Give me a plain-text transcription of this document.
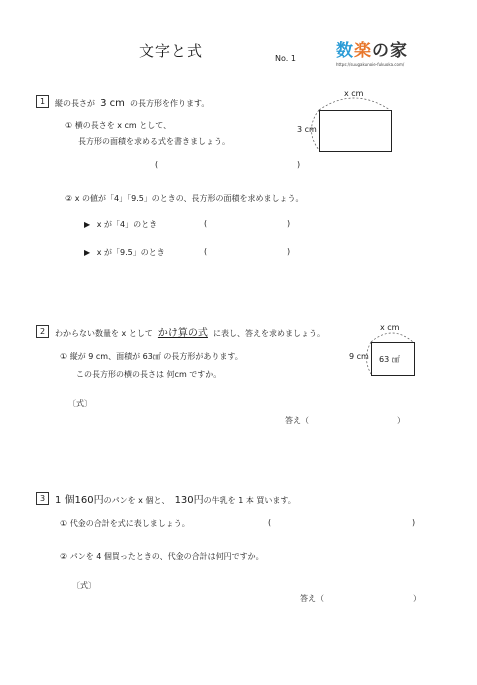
文字と式	No. 1 数楽の家
https://suugakunoie-fukuoka.com/
1 縦の長さが 3 cm の長方形を作ります。
x cm
3 cm
① 横の長さを x cm として、
長方形の面積を求める式を書きましょう。
(	)
② x の値が「4」「9.5」のときの、長方形の面積を求めましょう。
▶ x が「4」のとき	(	)
▶ x が「9.5」のとき	(	)
2 わからない数量を x として かけ算の式 に表し、答えを求めましょう。
63 ㎠
x cm
9 cm
① 縦が 9 cm、面積が 63㎠ の長方形があります。
この長方形の横の長さは 何cm ですか。
〔式〕
答え（	）
3 1 個160円のパンを x 個と、 130円の牛乳を 1 本 買います。
① 代金の合計を式に表しましょう。	(	)
② パンを 4 個買ったときの、代金の合計は何円ですか。
〔式〕
答え（	）
